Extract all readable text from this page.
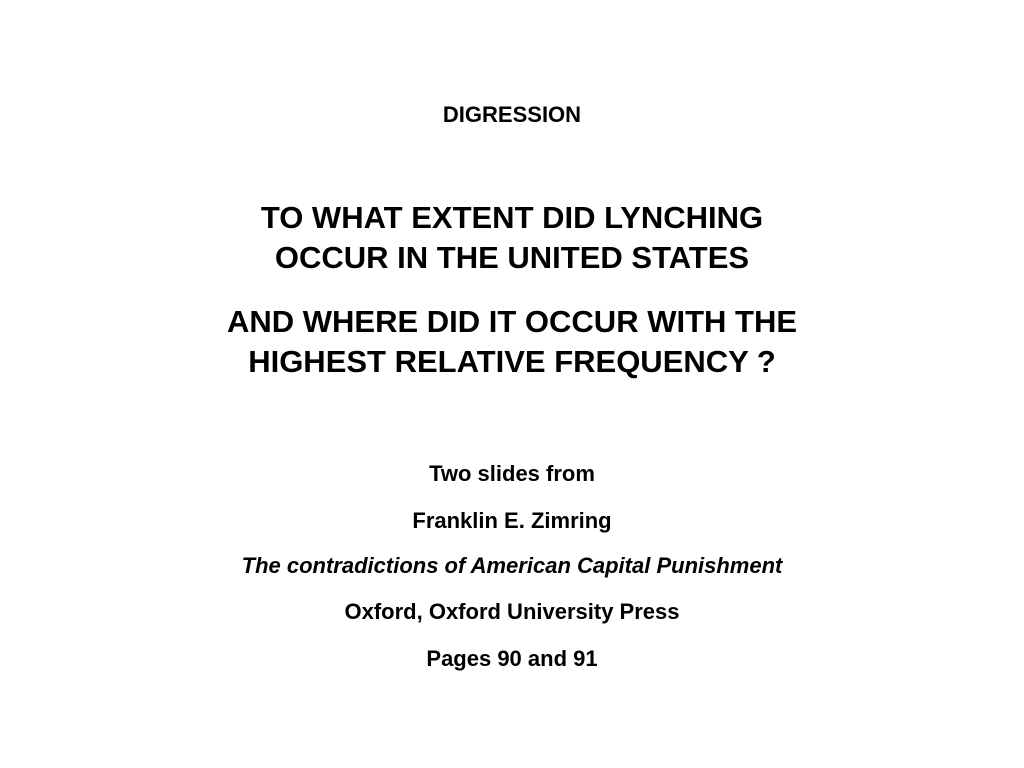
DIGRESSION
TO WHAT EXTENT DID LYNCHING
OCCUR IN THE UNITED STATES
AND WHERE DID IT OCCUR WITH THE
HIGHEST RELATIVE FREQUENCY ?
Two slides from
Franklin E. Zimring
The contradictions of American Capital Punishment
Oxford, Oxford University Press
Pages 90 and 91
